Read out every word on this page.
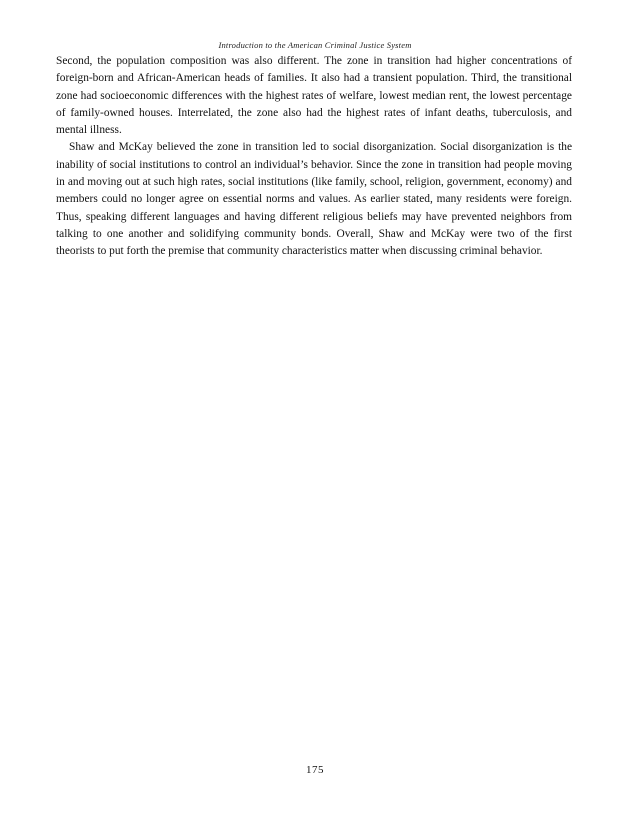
Introduction to the American Criminal Justice System

Second, the population composition was also different. The zone in transition had higher concentrations of foreign-born and African-American heads of families. It also had a transient population. Third, the transitional zone had socioeconomic differences with the highest rates of welfare, lowest median rent, the lowest percentage of family-owned houses. Interrelated, the zone also had the highest rates of infant deaths, tuberculosis, and mental illness.

Shaw and McKay believed the zone in transition led to social disorganization. Social disorganization is the inability of social institutions to control an individual’s behavior. Since the zone in transition had people moving in and moving out at such high rates, social institutions (like family, school, religion, government, economy) and members could no longer agree on essential norms and values. As earlier stated, many residents were foreign. Thus, speaking different languages and having different religious beliefs may have prevented neighbors from talking to one another and solidifying community bonds. Overall, Shaw and McKay were two of the first theorists to put forth the premise that community characteristics matter when discussing criminal behavior.

175
